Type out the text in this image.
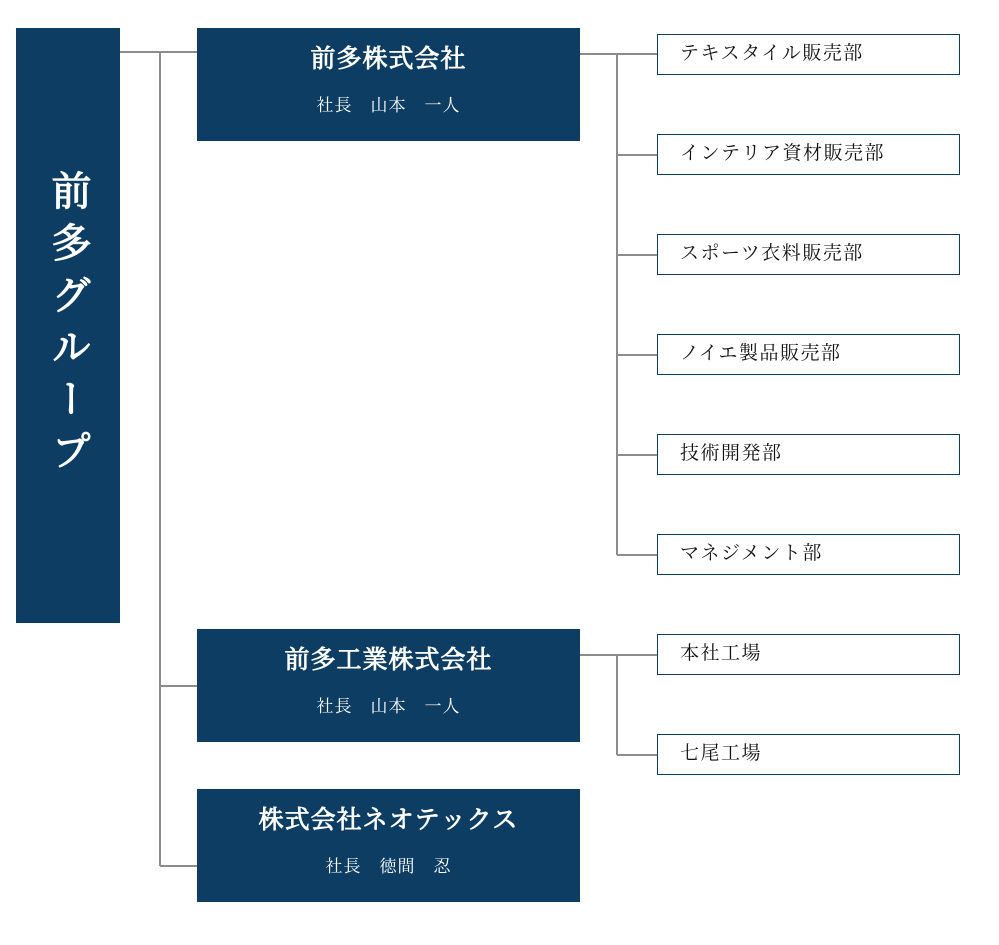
前多グループ
前多株式会社
社長　山本　一人
テキスタイル販売部
インテリア資材販売部
スポーツ衣料販売部
ノイエ製品販売部
技術開発部
マネジメント部
前多工業株式会社
社長　山本　一人
本社工場
七尾工場
株式会社ネオテックス
社長　徳間　忍
